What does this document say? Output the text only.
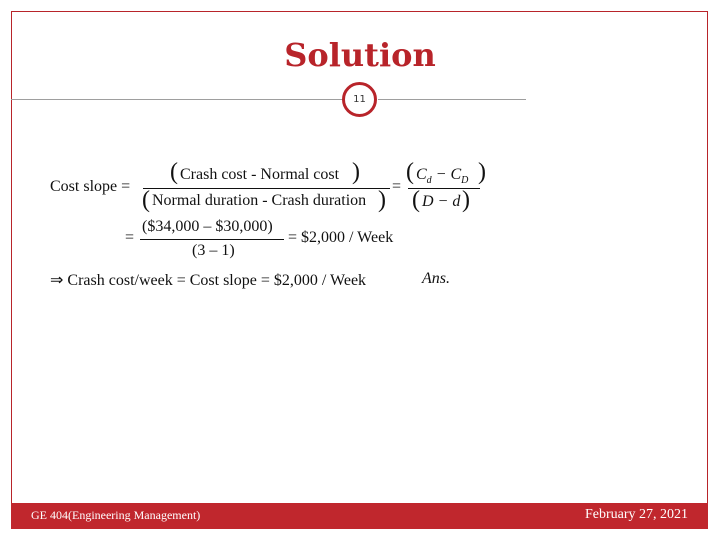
Solution
11
Cost slope =
( Crash cost - Normal cost )
( Normal duration - Crash duration )
=
( $C_d - C_D$ )
( D − d )
=
($34,000 – $30,000)
(3 – 1)
= $2,000 / Week
⇒ Crash cost/week = Cost slope = $2,000 / Week	Ans.
GE 404(Engineering Management)	February 27, 2021
